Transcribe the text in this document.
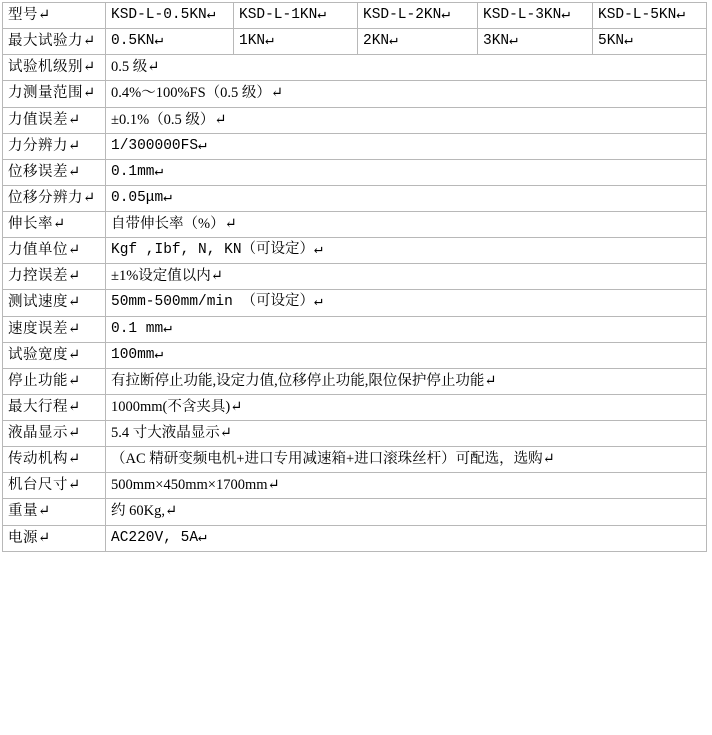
型号↵	KSD-L-0.5KN↵	KSD-L-1KN↵	KSD-L-2KN↵	KSD-L-3KN↵	KSD-L-5KN↵
最大试验力↵	0.5KN↵	1KN↵	2KN↵	3KN↵	5KN↵
试验机级别↵	0.5 级↵				
力测量范围↵	0.4%～100%FS（0.5 级）↵				
力值误差↵	±0.1%（0.5 级）↵				
力分辨力↵	1/300000FS↵				
位移误差↵	0.1mm↵				
位移分辨力↵	0.05μm↵				
伸长率↵	自带伸长率（%）↵				
力值单位↵	Kgf ,Ibf, N, KN（可设定）↵				
力控误差↵	±1%设定值以内↵				
测试速度↵	50mm-500mm/min （可设定）↵				
速度误差↵	0.1 mm↵				
试验宽度↵	100mm↵				
停止功能↵	有拉断停止功能,设定力值,位移停止功能,限位保护停止功能↵				
最大行程↵	1000mm(不含夹具)↵				
液晶显示↵	5.4 寸大液晶显示↵				
传动机构↵	（AC 精研变频电机+进口专用减速箱+进口滚珠丝杆）可配选，选购↵				
机台尺寸↵	500mm×450mm×1700mm↵				
重量↵	约 60Kg,↵				
电源↵	AC220V, 5A↵				
